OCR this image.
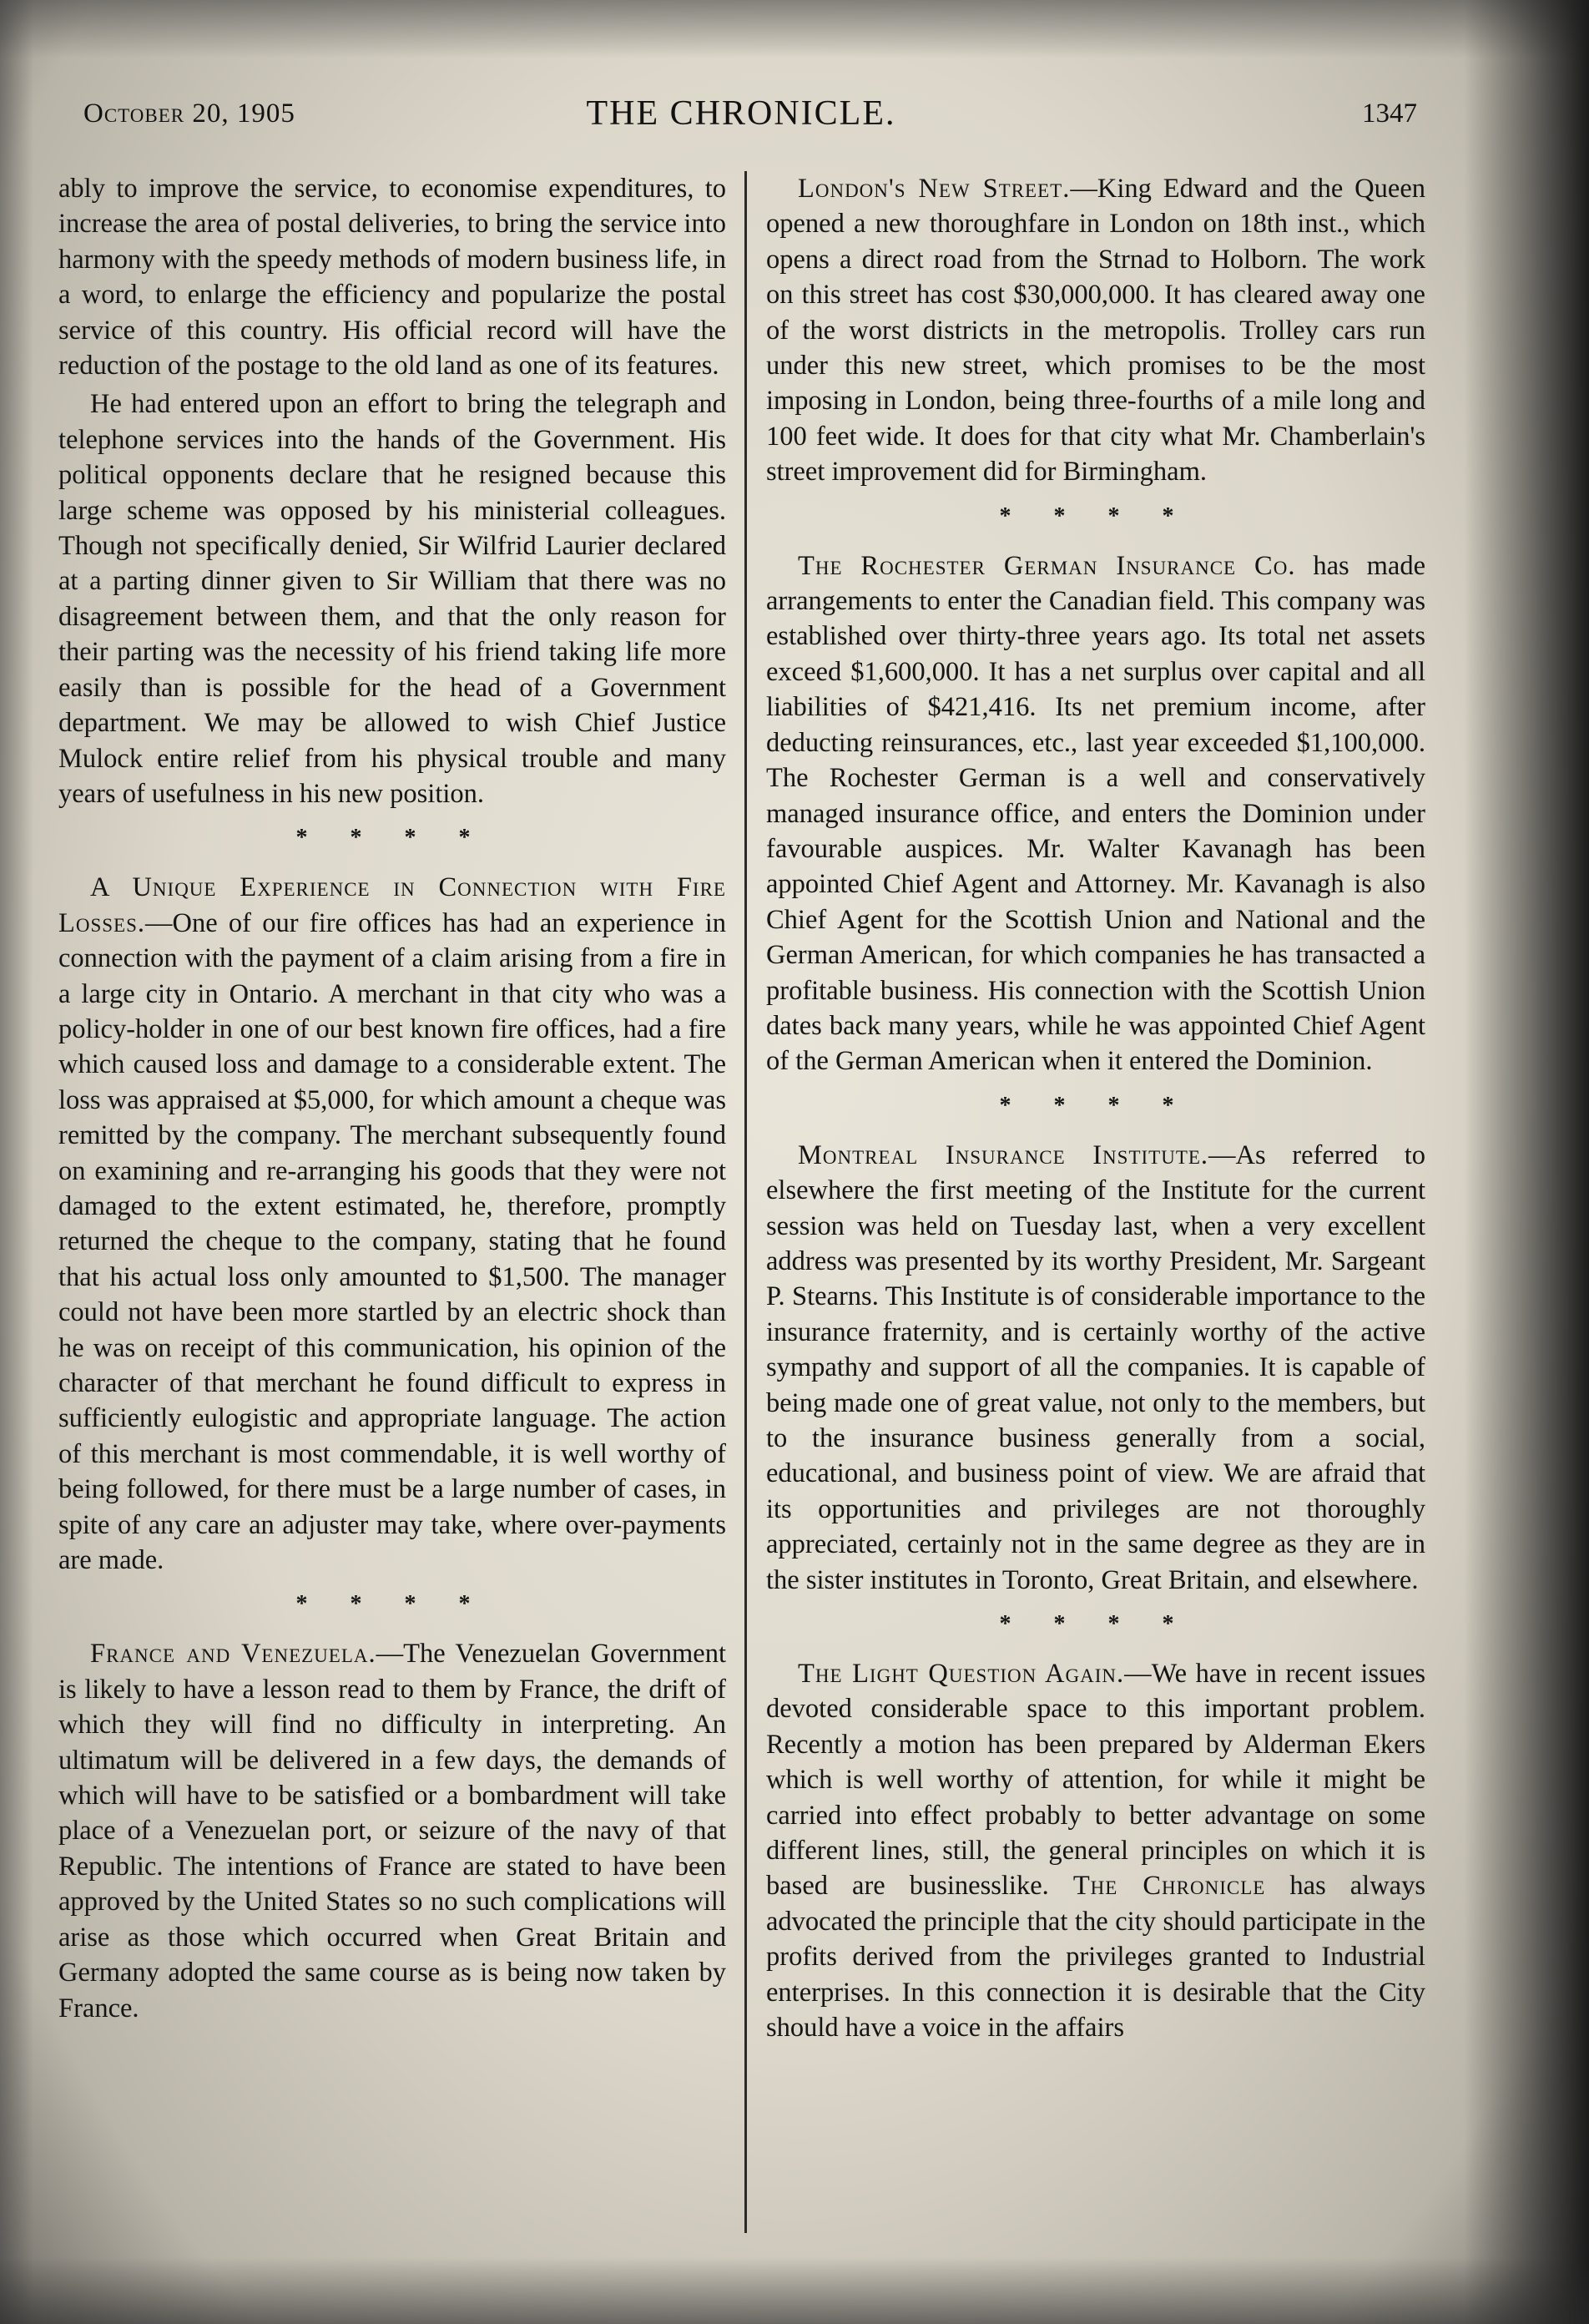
October 20, 1905	THE CHRONICLE.	1347

ably to improve the service, to economise expenditures, to increase the area of postal deliveries, to bring the service into harmony with the speedy methods of modern business life, in a word, to enlarge the efficiency and popularize the postal service of this country. His official record will have the reduction of the postage to the old land as one of its features.

He had entered upon an effort to bring the telegraph and telephone services into the hands of the Government. His political opponents declare that he resigned because this large scheme was opposed by his ministerial colleagues. Though not specifically denied, Sir Wilfrid Laurier declared at a parting dinner given to Sir William that there was no disagreement between them, and that the only reason for their parting was the necessity of his friend taking life more easily than is possible for the head of a Government department. We may be allowed to wish Chief Justice Mulock entire relief from his physical trouble and many years of usefulness in his new position.

* * * *

A Unique Experience in Connection with Fire Losses.—One of our fire offices has had an experience in connection with the payment of a claim arising from a fire in a large city in Ontario. A merchant in that city who was a policy-holder in one of our best known fire offices, had a fire which caused loss and damage to a considerable extent. The loss was appraised at $5,000, for which amount a cheque was remitted by the company. The merchant subsequently found on examining and re-arranging his goods that they were not damaged to the extent estimated, he, therefore, promptly returned the cheque to the company, stating that he found that his actual loss only amounted to $1,500. The manager could not have been more startled by an electric shock than he was on receipt of this communication, his opinion of the character of that merchant he found difficult to express in sufficiently eulogistic and appropriate language. The action of this merchant is most commendable, it is well worthy of being followed, for there must be a large number of cases, in spite of any care an adjuster may take, where over-payments are made.

* * * *

France and Venezuela.—The Venezuelan Government is likely to have a lesson read to them by France, the drift of which they will find no difficulty in interpreting. An ultimatum will be delivered in a few days, the demands of which will have to be satisfied or a bombardment will take place of a Venezuelan port, or seizure of the navy of that Republic. The intentions of France are stated to have been approved by the United States so no such complications will arise as those which occurred when Great Britain and Germany adopted the same course as is being now taken by France.

London's New Street.—King Edward and the Queen opened a new thoroughfare in London on 18th inst., which opens a direct road from the Strnad to Holborn. The work on this street has cost $30,000,000. It has cleared away one of the worst districts in the metropolis. Trolley cars run under this new street, which promises to be the most imposing in London, being three-fourths of a mile long and 100 feet wide. It does for that city what Mr. Chamberlain's street improvement did for Birmingham.

* * * *

The Rochester German Insurance Co. has made arrangements to enter the Canadian field. This company was established over thirty-three years ago. Its total net assets exceed $1,600,000. It has a net surplus over capital and all liabilities of $421,416. Its net premium income, after deducting reinsurances, etc., last year exceeded $1,100,000. The Rochester German is a well and conservatively managed insurance office, and enters the Dominion under favourable auspices. Mr. Walter Kavanagh has been appointed Chief Agent and Attorney. Mr. Kavanagh is also Chief Agent for the Scottish Union and National and the German American, for which companies he has transacted a profitable business. His connection with the Scottish Union dates back many years, while he was appointed Chief Agent of the German American when it entered the Dominion.

* * * *

Montreal Insurance Institute.—As referred to elsewhere the first meeting of the Institute for the current session was held on Tuesday last, when a very excellent address was presented by its worthy President, Mr. Sargeant P. Stearns. This Institute is of considerable importance to the insurance fraternity, and is certainly worthy of the active sympathy and support of all the companies. It is capable of being made one of great value, not only to the members, but to the insurance business generally from a social, educational, and business point of view. We are afraid that its opportunities and privileges are not thoroughly appreciated, certainly not in the same degree as they are in the sister institutes in Toronto, Great Britain, and elsewhere.

* * * *

The Light Question Again.—We have in recent issues devoted considerable space to this important problem. Recently a motion has been prepared by Alderman Ekers which is well worthy of attention, for while it might be carried into effect probably to better advantage on some different lines, still, the general principles on which it is based are businesslike. The Chronicle has always advocated the principle that the city should participate in the profits derived from the privileges granted to Industrial enterprises. In this connection it is desirable that the City should have a voice in the affairs
